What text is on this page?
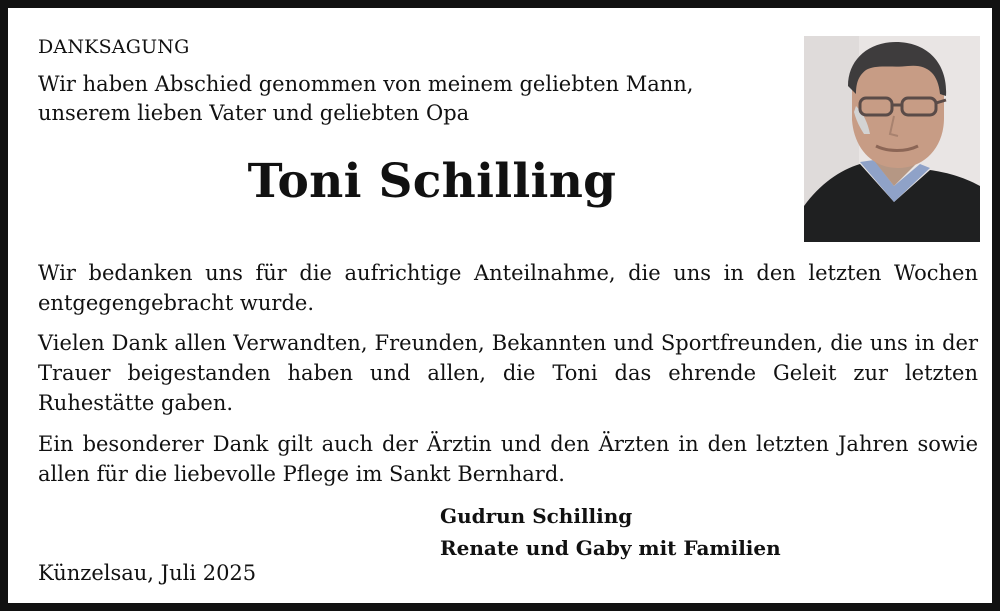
DANKSAGUNG

Wir haben Abschied genommen von meinem geliebten Mann,
unserem lieben Vater und geliebten Opa

Toni Schilling

Wir bedanken uns für die aufrichtige Anteilnahme, die uns in den letzten Wochen entgegengebracht wurde.

Vielen Dank allen Verwandten, Freunden, Bekannten und Sportfreunden, die uns in der Trauer beigestanden haben und allen, die Toni das ehrende Geleit zur letzten Ruhestätte gaben.

Ein besonderer Dank gilt auch der Ärztin und den Ärzten in den letzten Jahren sowie allen für die liebevolle Pflege im Sankt Bernhard.

Gudrun Schilling
Renate und Gaby mit Familien

Künzelsau, Juli 2025
